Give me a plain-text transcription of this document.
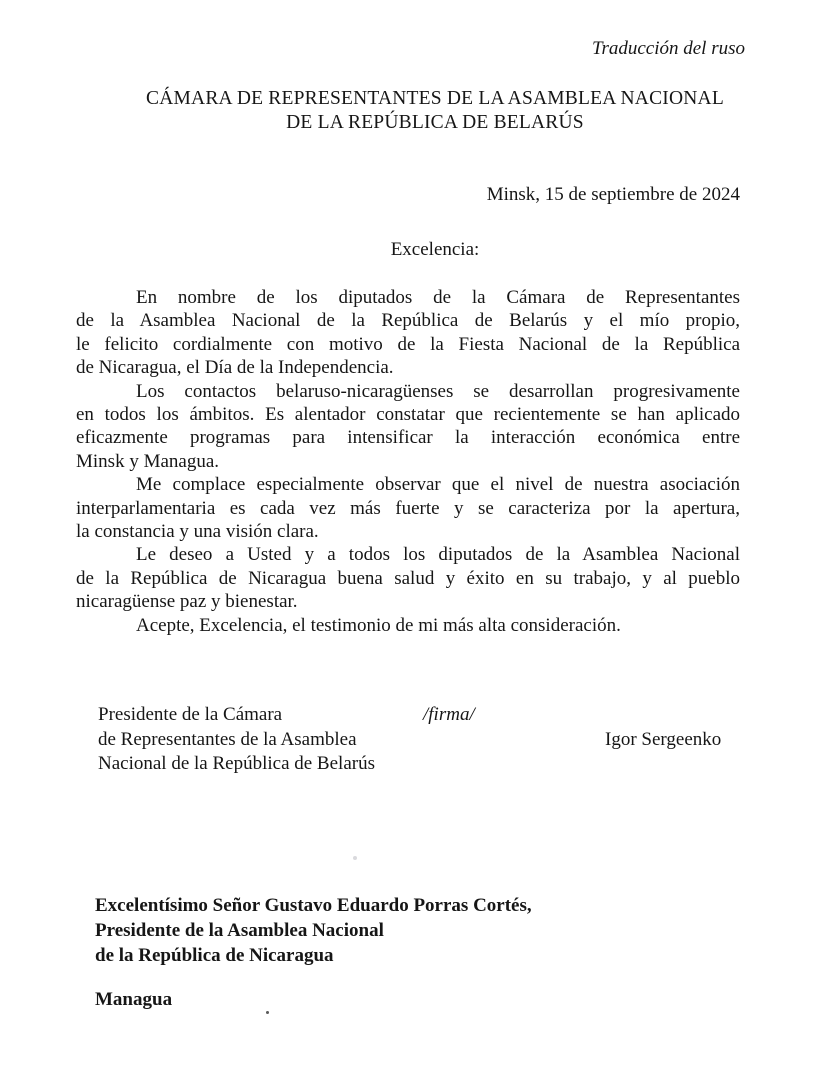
Traducción del ruso
CÁMARA DE REPRESENTANTES DE LA ASAMBLEA NACIONAL
DE LA REPÚBLICA DE BELARÚS
Minsk, 15 de septiembre de 2024
Excelencia:
En nombre de los diputados de la Cámara de Representantes
de la Asamblea Nacional de la República de Belarús y el mío propio,
le felicito cordialmente con motivo de la Fiesta Nacional de la República
de Nicaragua, el Día de la Independencia.
Los contactos belaruso-nicaragüenses se desarrollan progresivamente
en todos los ámbitos. Es alentador constatar que recientemente se han aplicado
eficazmente programas para intensificar la interacción económica entre
Minsk y Managua.
Me complace especialmente observar que el nivel de nuestra asociación
interparlamentaria es cada vez más fuerte y se caracteriza por la apertura,
la constancia y una visión clara.
Le deseo a Usted y a todos los diputados de la Asamblea Nacional
de la República de Nicaragua buena salud y éxito en su trabajo, y al pueblo
nicaragüense paz y bienestar.
Acepte, Excelencia, el testimonio de mi más alta consideración.
Presidente de la Cámara
de Representantes de la Asamblea
Nacional de la República de Belarús
/firma/
Igor Sergeenko
Excelentísimo Señor Gustavo Eduardo Porras Cortés,
Presidente de la Asamblea Nacional
de la República de Nicaragua
Managua
